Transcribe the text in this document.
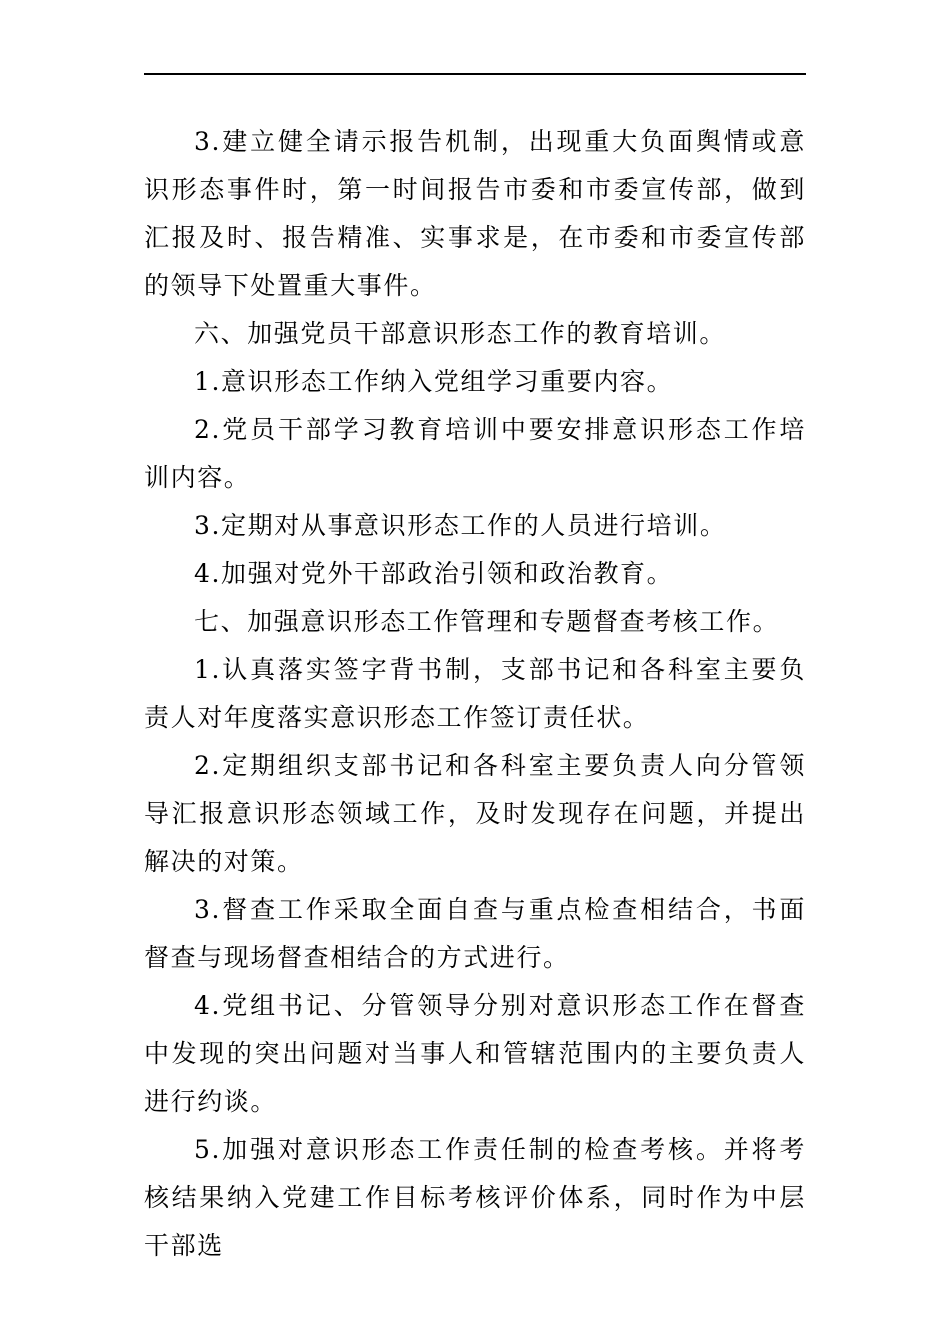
3.建立健全请示报告机制，出现重大负面舆情或意识形态事件时，第一时间报告市委和市委宣传部，做到汇报及时、报告精准、实事求是，在市委和市委宣传部的领导下处置重大事件。

六、加强党员干部意识形态工作的教育培训。

1.意识形态工作纳入党组学习重要内容。

2.党员干部学习教育培训中要安排意识形态工作培训内容。

3.定期对从事意识形态工作的人员进行培训。

4.加强对党外干部政治引领和政治教育。

七、加强意识形态工作管理和专题督查考核工作。

1.认真落实签字背书制，支部书记和各科室主要负责人对年度落实意识形态工作签订责任状。

2.定期组织支部书记和各科室主要负责人向分管领导汇报意识形态领域工作，及时发现存在问题，并提出解决的对策。

3.督查工作采取全面自查与重点检查相结合，书面督查与现场督查相结合的方式进行。

4.党组书记、分管领导分别对意识形态工作在督查中发现的突出问题对当事人和管辖范围内的主要负责人进行约谈。

5.加强对意识形态工作责任制的检查考核。并将考核结果纳入党建工作目标考核评价体系，同时作为中层干部选
